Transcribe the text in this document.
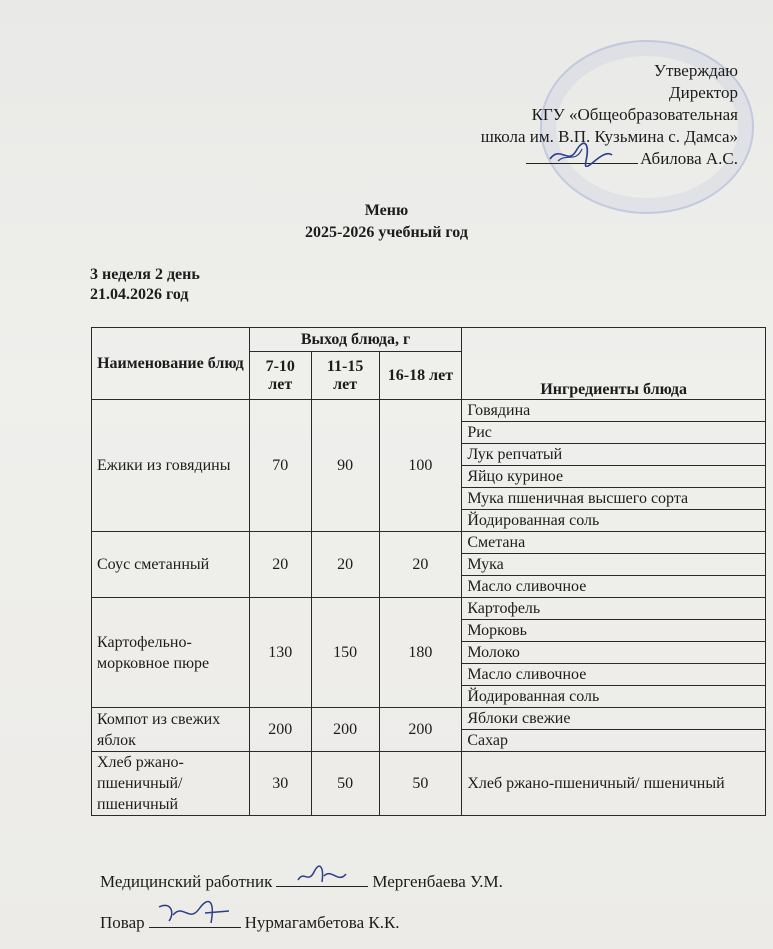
Утверждаю
Директор
КГУ «Общеобразовательная
школа им. В.П. Кузьмина с. Дамса»
Абилова А.С.
Меню
2025-2026 учебный год
3 неделя 2 день
21.04.2026 год
Наименование блюд	Выход блюда, г			Ингредиенты блюда
	7-10 лет	11-15 лет	16-18 лет	
Ежики из говядины	70	90	100	Говядина
				Рис
				Лук репчатый
				Яйцо куриное
				Мука пшеничная высшего сорта
				Йодированная соль
Соус сметанный	20	20	20	Сметана
				Мука
				Масло сливочное
Картофельно-морковное пюре	130	150	180	Картофель
				Морковь
				Молоко
				Масло сливочное
				Йодированная соль
Компот из свежих яблок	200	200	200	Яблоки свежие
				Сахар
Хлеб ржано-пшеничный/ пшеничный	30	50	50	Хлеб ржано-пшеничный/ пшеничный
Медицинский работник	Мергенбаева У.М.
Повар	Нурмагамбетова К.К.
